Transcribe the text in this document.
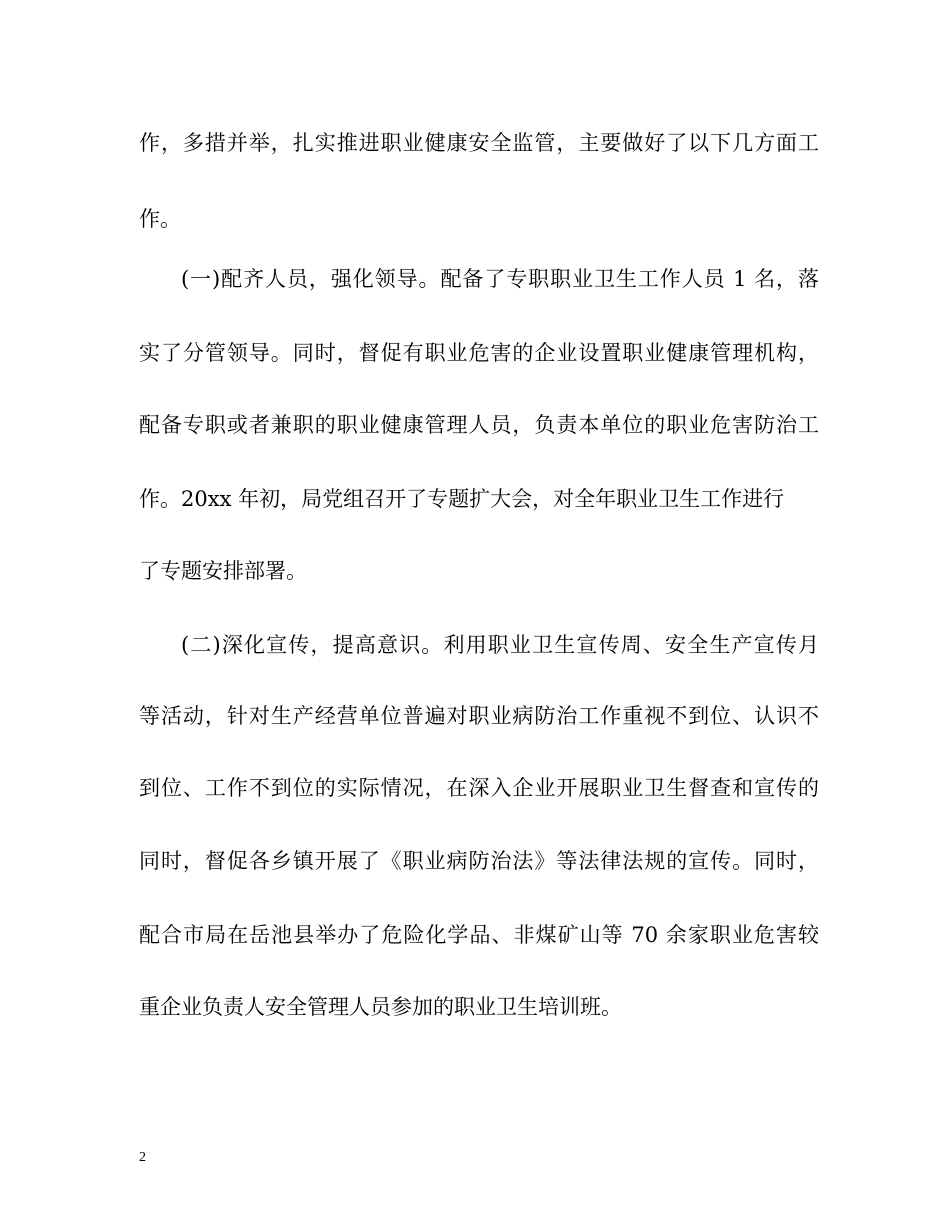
作，多措并举，扎实推进职业健康安全监管，主要做好了以下几方面工
作。
(一)配齐人员，强化领导。配备了专职职业卫生工作人员 1 名，落
实了分管领导。同时，督促有职业危害的企业设置职业健康管理机构，
配备专职或者兼职的职业健康管理人员，负责本单位的职业危害防治工
作。20xx 年初，局党组召开了专题扩大会，对全年职业卫生工作进行
了专题安排部署。
(二)深化宣传，提高意识。利用职业卫生宣传周、安全生产宣传月
等活动，针对生产经营单位普遍对职业病防治工作重视不到位、认识不
到位、工作不到位的实际情况，在深入企业开展职业卫生督查和宣传的
同时，督促各乡镇开展了《职业病防治法》等法律法规的宣传。同时，
配合市局在岳池县举办了危险化学品、非煤矿山等 70 余家职业危害较
重企业负责人安全管理人员参加的职业卫生培训班。
2
